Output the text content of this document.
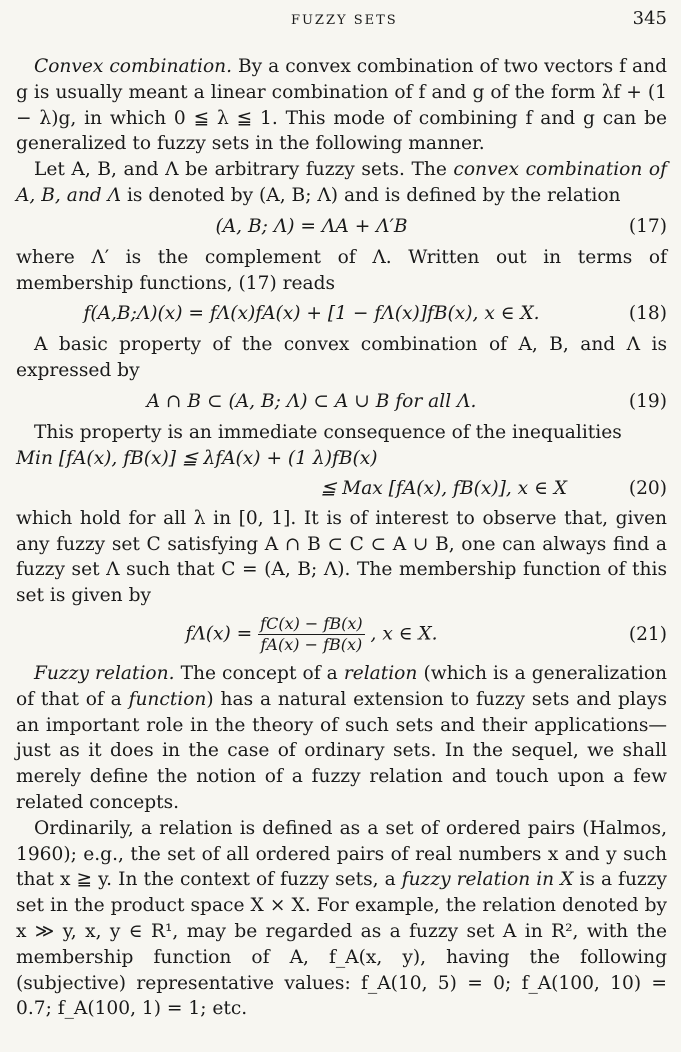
FUZZY SETS	345

Convex combination. By a convex combination of two vectors f and g is usually meant a linear combination of f and g of the form λf + (1 − λ)g, in which 0 ≦ λ ≦ 1. This mode of combining f and g can be generalized to fuzzy sets in the following manner.

Let A, B, and Λ be arbitrary fuzzy sets. The convex combination of A, B, and Λ is denoted by (A, B; Λ) and is defined by the relation

(A, B; Λ) = ΛA + Λ′B	(17)

where Λ′ is the complement of Λ. Written out in terms of membership functions, (17) reads

f(A,B;Λ)(x) = fΛ(x)fA(x) + [1 − fΛ(x)]fB(x), x ∈ X.	(18)

A basic property of the convex combination of A, B, and Λ is expressed by

A ∩ B ⊂ (A, B; Λ) ⊂ A ∪ B for all Λ.	(19)

This property is an immediate consequence of the inequalities

Min [fA(x), fB(x)] ≦ λfA(x) + (1 λ)fB(x)
≦ Max [fA(x), fB(x)], x ∈ X	(20)

which hold for all λ in [0, 1]. It is of interest to observe that, given any fuzzy set C satisfying A ∩ B ⊂ C ⊂ A ∪ B, one can always find a fuzzy set Λ such that C = (A, B; Λ). The membership function of this set is given by

$f\Lambda(x) = \frac{fC(x) - fB(x)}{fA(x) - fB(x)}$ , x ∈ X.	(21)

Fuzzy relation. The concept of a relation (which is a generalization of that of a function) has a natural extension to fuzzy sets and plays an important role in the theory of such sets and their applications—just as it does in the case of ordinary sets. In the sequel, we shall merely define the notion of a fuzzy relation and touch upon a few related concepts.

Ordinarily, a relation is defined as a set of ordered pairs (Halmos, 1960); e.g., the set of all ordered pairs of real numbers x and y such that x ≧ y. In the context of fuzzy sets, a fuzzy relation in X is a fuzzy set in the product space X × X. For example, the relation denoted by x ≫ y, x, y ∈ R¹, may be regarded as a fuzzy set A in R², with the membership function of A, f_A(x, y), having the following (subjective) representative values: f_A(10, 5) = 0; f_A(100, 10) = 0.7; f_A(100, 1) = 1; etc.
